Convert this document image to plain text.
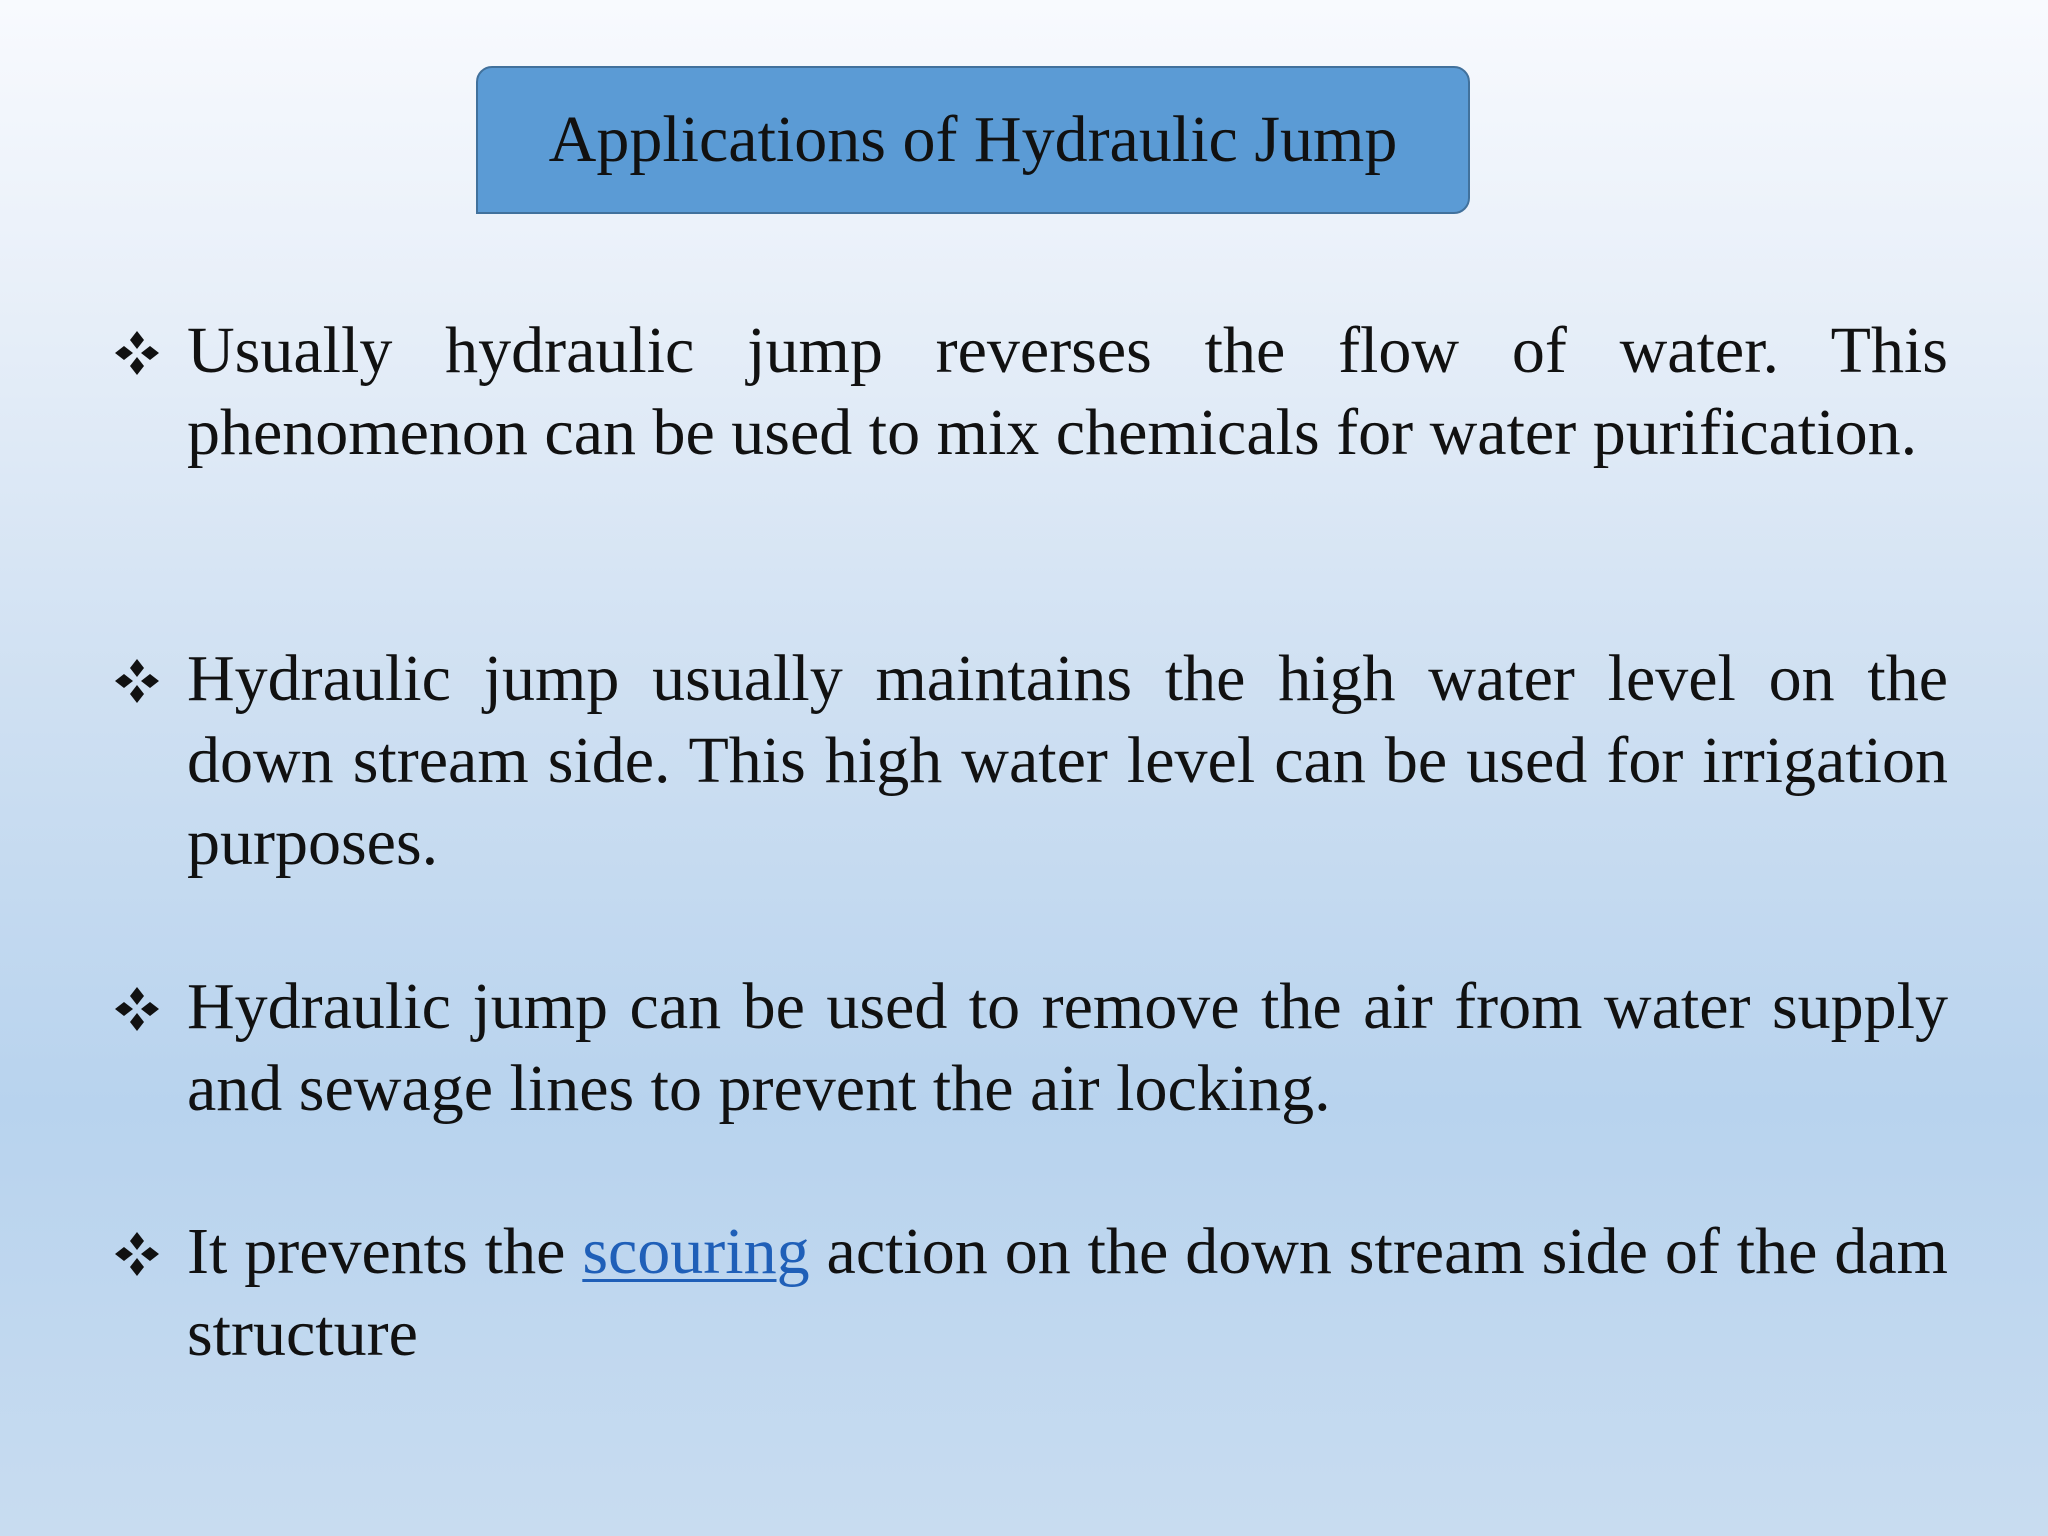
Applications of Hydraulic Jump
Usually hydraulic jump reverses the flow of water. This phenomenon can be used to mix chemicals for water purification.
Hydraulic jump usually maintains the high water level on the down stream side. This high water level can be used for irrigation purposes.
Hydraulic jump can be used to remove the air from water supply and sewage lines to prevent the air locking.
It prevents the scouring action on the down stream side of the dam structure
